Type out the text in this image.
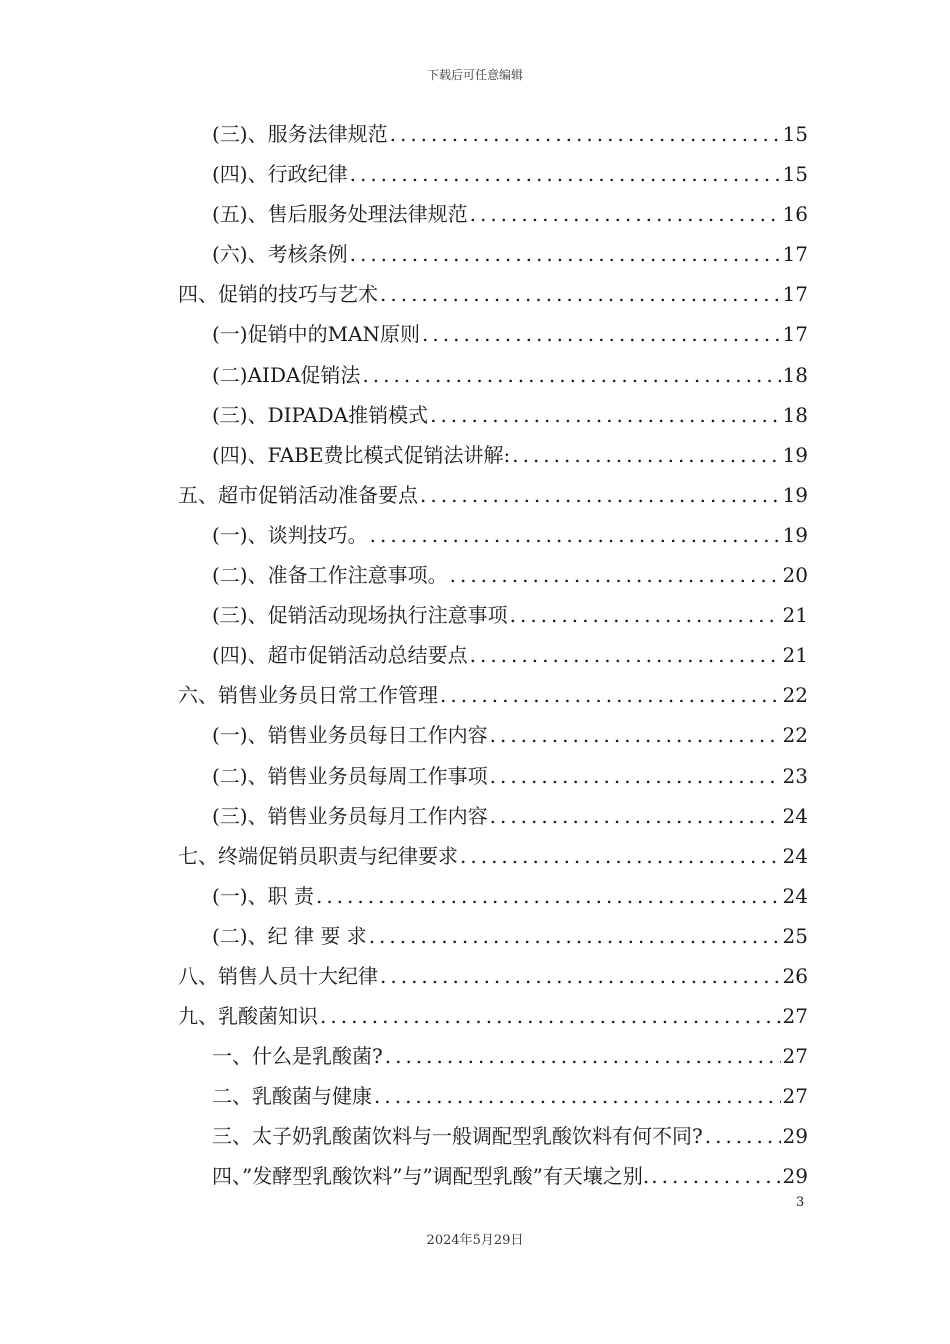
下载后可任意编辑
(三)、服务法律规范 .....	15
(四)、行政纪律 .....	15
(五)、售后服务处理法律规范 .....	16
(六)、考核条例 .....	17
四、促销的技巧与艺术 .....	17
(一)促销中的MAN原则 .....	17
(二)AIDA促销法 .....	18
(三)、DIPADA推销模式 .....	18
(四)、FABE费比模式促销法讲解: .....	19
五、超市促销活动准备要点 .....	19
(一)、谈判技巧。 .....	19
(二)、准备工作注意事项。 .....	20
(三)、促销活动现场执行注意事项 .....	21
(四)、超市促销活动总结要点 .....	21
六、销售业务员日常工作管理 .....	22
(一)、销售业务员每日工作内容 .....	22
(二)、销售业务员每周工作事项 .....	23
(三)、销售业务员每月工作内容 .....	24
七、终端促销员职责与纪律要求 .....	24
(一)、职 责 .....	24
(二)、纪 律 要 求 .....	25
八、销售人员十大纪律 .....	26
九、乳酸菌知识 .....	27
一、什么是乳酸菌? .....	27
二、乳酸菌与健康 .....	27
三、太子奶乳酸菌饮料与一般调配型乳酸饮料有何不同? .....	29
四、”发酵型乳酸饮料”与”调配型乳酸”有天壤之别. .....	29
3
2024年5月29日
